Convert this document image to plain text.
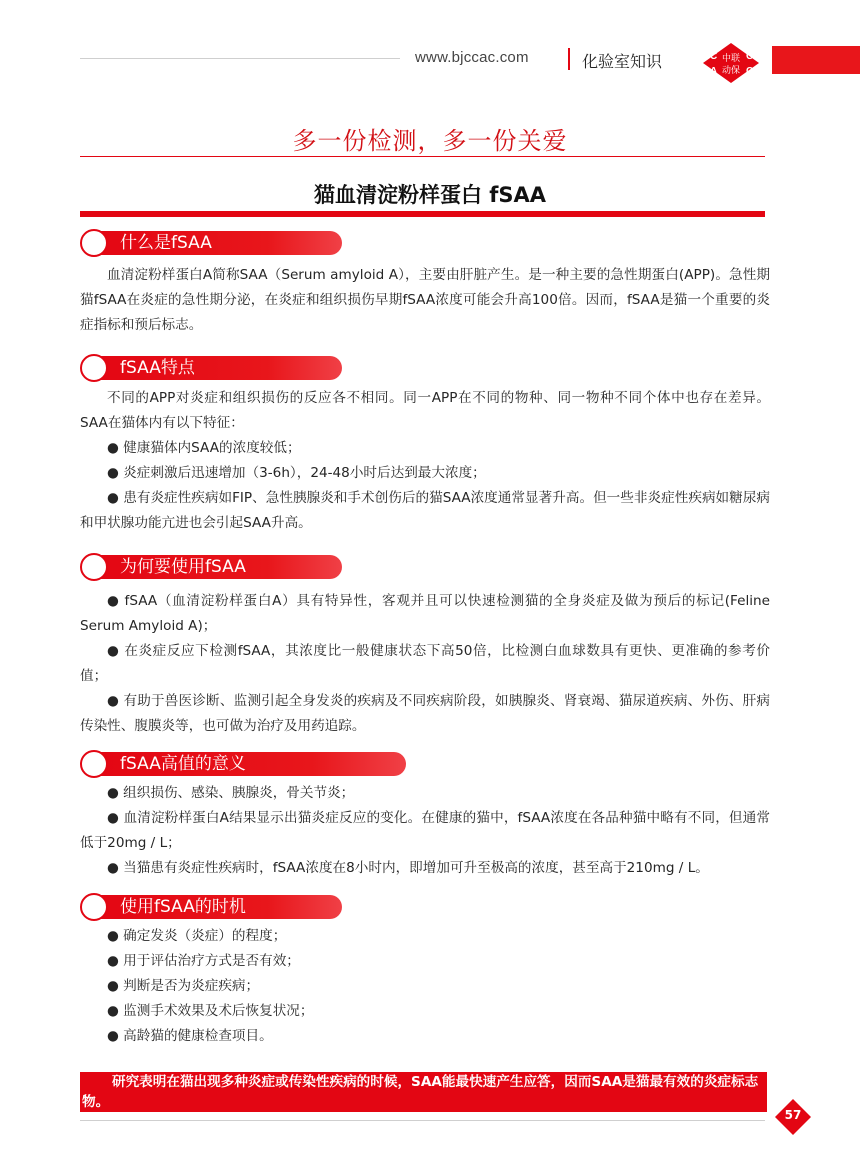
www.bjccac.com	化验室知识	C	C
A	C
中联
动保
多一份检测，多一份关爱
猫血清淀粉样蛋白 fSAA
什么是fSAA

血清淀粉样蛋白A简称SAA（Serum amyloid A），主要由肝脏产生。是一种主要的急性期蛋白(APP)。急性期猫fSAA在炎症的急性期分泌，在炎症和组织损伤早期fSAA浓度可能会升高100倍。因而，fSAA是猫一个重要的炎症指标和预后标志。

fSAA特点

不同的APP对炎症和组织损伤的反应各不相同。同一APP在不同的物种、同一物种不同个体中也存在差异。SAA在猫体内有以下特征：

● 健康猫体内SAA的浓度较低；

● 炎症刺激后迅速增加（3-6h），24-48小时后达到最大浓度；

● 患有炎症性疾病如FIP、急性胰腺炎和手术创伤后的猫SAA浓度通常显著升高。但一些非炎症性疾病如糖尿病和甲状腺功能亢进也会引起SAA升高。

为何要使用fSAA

● fSAA（血清淀粉样蛋白A）具有特异性，客观并且可以快速检测猫的全身炎症及做为预后的标记(Feline Serum Amyloid A)；

● 在炎症反应下检测fSAA，其浓度比一般健康状态下高50倍，比检测白血球数具有更快、更准确的参考价值；

● 有助于兽医诊断、监测引起全身发炎的疾病及不同疾病阶段，如胰腺炎、肾衰竭、猫尿道疾病、外伤、肝病传染性、腹膜炎等，也可做为治疗及用药追踪。

fSAA高值的意义

● 组织损伤、感染、胰腺炎，骨关节炎；

● 血清淀粉样蛋白A结果显示出猫炎症反应的变化。在健康的猫中，fSAA浓度在各品种猫中略有不同，但通常低于20mg / L；

● 当猫患有炎症性疾病时，fSAA浓度在8小时内，即增加可升至极高的浓度，甚至高于210mg / L。

使用fSAA的时机

● 确定发炎（炎症）的程度；

● 用于评估治疗方式是否有效；

● 判断是否为炎症疾病；

● 监测手术效果及术后恢复状况；

● 高龄猫的健康检查项目。

研究表明在猫出现多种炎症或传染性疾病的时候，SAA能最快速产生应答，因而SAA是猫最有效的炎症标志物。
57
